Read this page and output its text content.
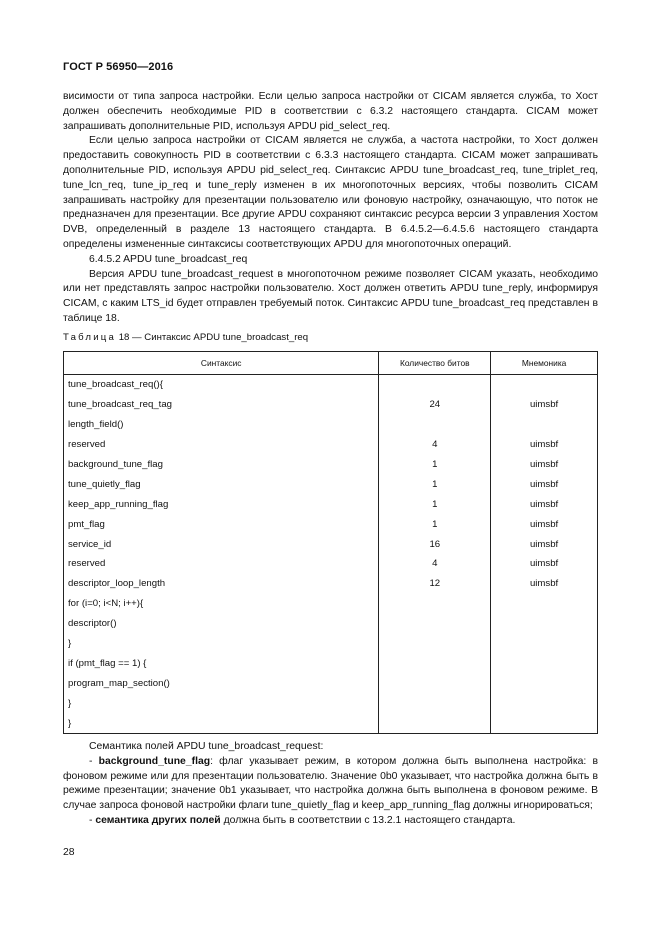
ГОСТ Р 56950—2016

висимости от типа запроса настройки. Если целью запроса настройки от CICAM является служба, то Хост должен обеспечить необходимые PID в соответствии с 6.3.2 настоящего стандарта. CICAM может запрашивать дополнительные PID, используя APDU pid_select_req.

Если целью запроса настройки от CICAM является не служба, а частота настройки, то Хост должен предоставить совокупность PID в соответствии с 6.3.3 настоящего стандарта. CICAM может запрашивать дополнительные PID, используя APDU pid_select_req. Синтаксис APDU tune_broadcast_req, tune_triplet_req, tune_lcn_req, tune_ip_req и tune_reply изменен в их многопоточных версиях, чтобы позволить CICAM запрашивать настройку для презентации пользователю или фоновую настройку, означающую, что поток не предназначен для презентации. Все другие APDU сохраняют синтаксис ресурса версии 3 управления Хостом DVB, определенный в разделе 13 настоящего стандарта. В 6.4.5.2—6.4.5.6 настоящего стандарта определены измененные синтаксисы соответствующих APDU для многопоточных операций.

6.4.5.2 APDU tune_broadcast_req

Версия APDU tune_broadcast_request в многопоточном режиме позволяет CICAM указать, необходимо или нет представлять запрос настройки пользователю. Хост должен ответить APDU tune_reply, информируя CICAM, с каким LTS_id будет отправлен требуемый поток. Синтаксис APDU tune_broadcast_req представлен в таблице 18.

Таблица 18 — Синтаксис APDU tune_broadcast_req
Синтаксис	Количество битов	Мнемоника
tune_broadcast_req(){		
tune_broadcast_req_tag	24	uimsbf
length_field()		
reserved	4	uimsbf
background_tune_flag	1	uimsbf
tune_quietly_flag	1	uimsbf
keep_app_running_flag	1	uimsbf
pmt_flag	1	uimsbf
service_id	16	uimsbf
reserved	4	uimsbf
descriptor_loop_length	12	uimsbf
for (i=0; i<N; i++){		
descriptor()		
}		
if (pmt_flag == 1) {		
program_map_section()		
}		
}		

Семантика полей APDU tune_broadcast_request:

- background_tune_flag: флаг указывает режим, в котором должна быть выполнена настройка: в фоновом режиме или для презентации пользователю. Значение 0b0 указывает, что настройка должна быть в режиме презентации; значение 0b1 указывает, что настройка должна быть выполнена в фоновом режиме. В случае запроса фоновой настройки флаги tune_quietly_flag и keep_app_running_flag должны игнорироваться;

- семантика других полей должна быть в соответствии с 13.2.1 настоящего стандарта.

28
